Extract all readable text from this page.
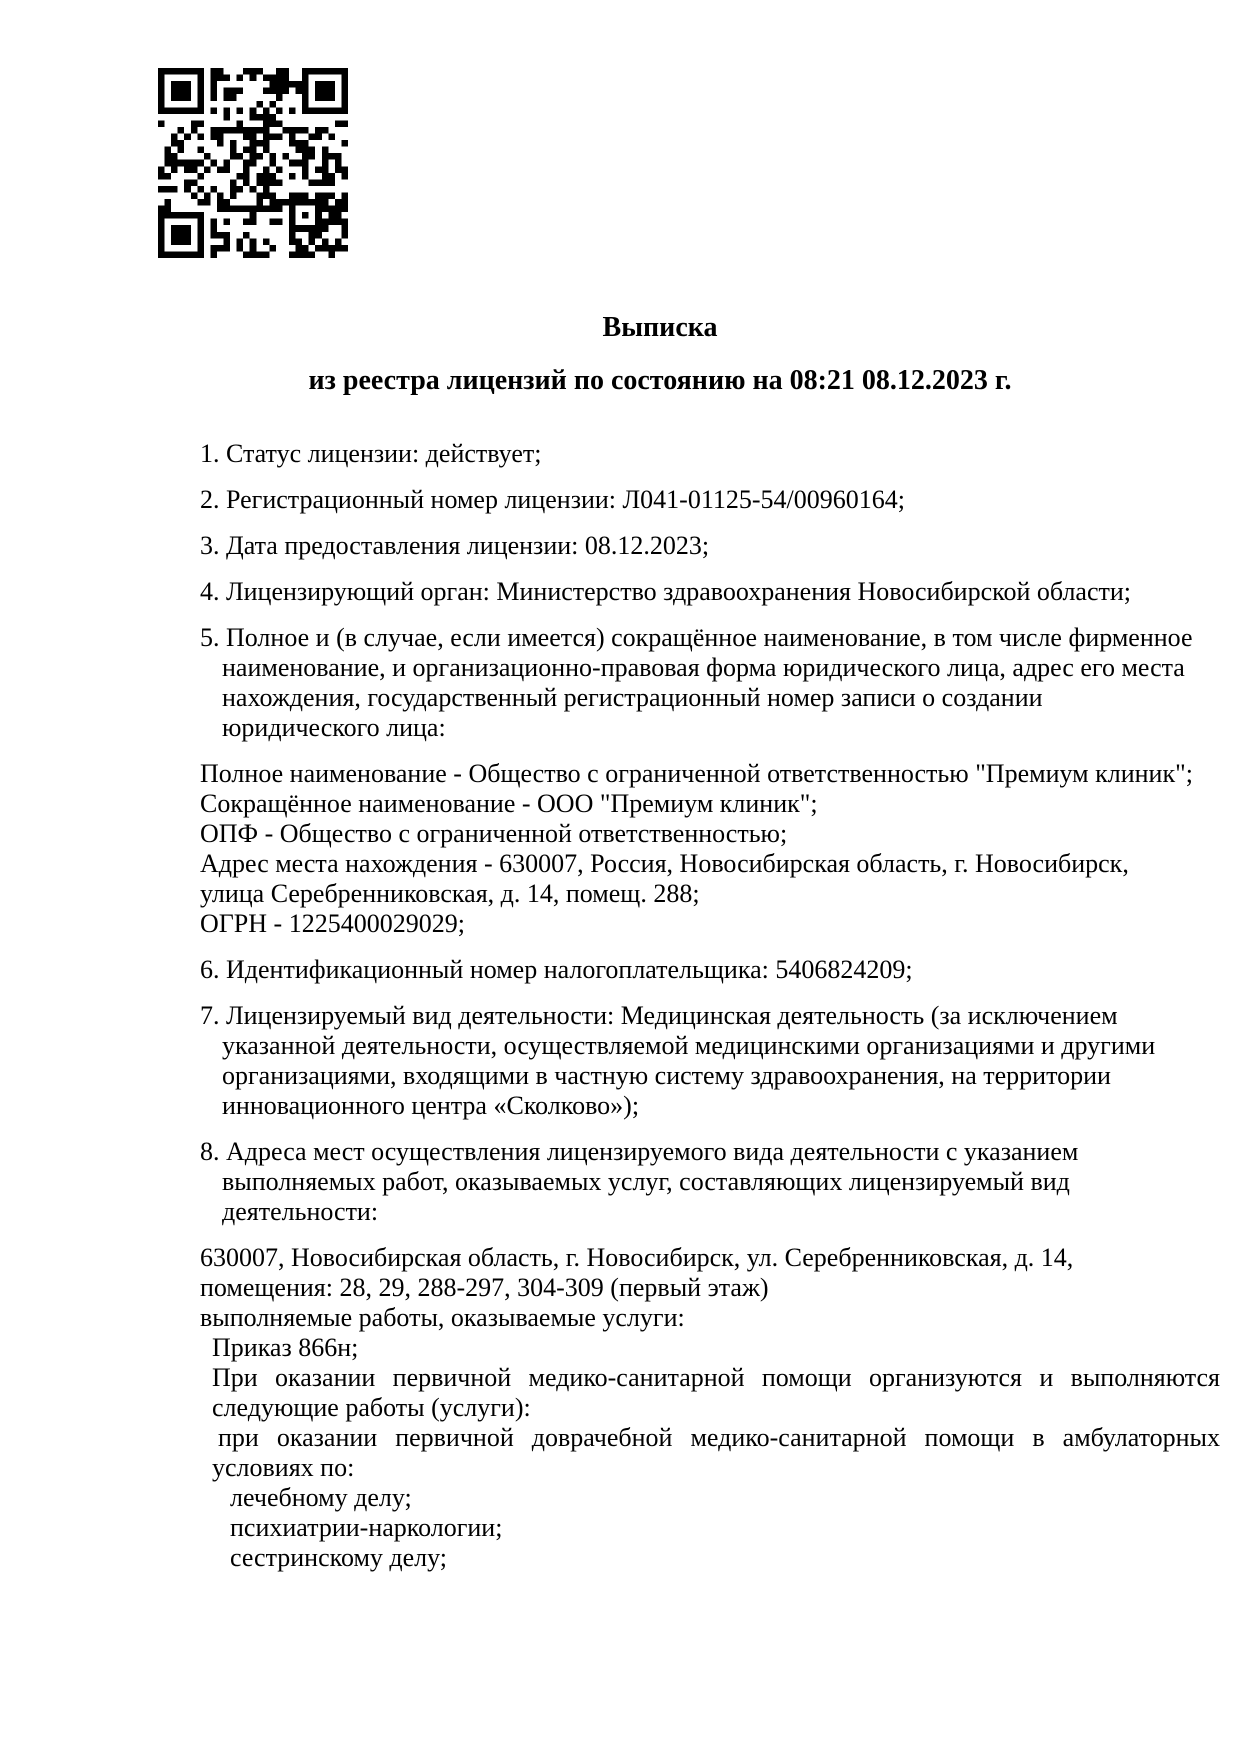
Выписка
из реестра лицензий по состоянию на 08:21 08.12.2023 г.
1. Статус лицензии: действует;
2. Регистрационный номер лицензии: Л041-01125-54/00960164;
3. Дата предоставления лицензии: 08.12.2023;
4. Лицензирующий орган: Министерство здравоохранения Новосибирской области;
5. Полное и (в случае, если имеется) сокращённое наименование, в том числе фирменное
наименование, и организационно-правовая форма юридического лица, адрес его места
нахождения, государственный регистрационный номер записи о создании
юридического лица:
Полное наименование - Общество с ограниченной ответственностью "Премиум клиник";
Сокращённое наименование - ООО "Премиум клиник";
ОПФ - Общество с ограниченной ответственностью;
Адрес места нахождения - 630007, Россия, Новосибирская область, г. Новосибирск,
улица Серебренниковская, д. 14, помещ. 288;
ОГРН - 1225400029029;
6. Идентификационный номер налогоплательщика: 5406824209;
7. Лицензируемый вид деятельности: Медицинская деятельность (за исключением
указанной деятельности, осуществляемой медицинскими организациями и другими
организациями, входящими в частную систему здравоохранения, на территории
инновационного центра «Сколково»);
8. Адреса мест осуществления лицензируемого вида деятельности с указанием
выполняемых работ, оказываемых услуг, составляющих лицензируемый вид
деятельности:
630007, Новосибирская область, г. Новосибирск, ул. Серебренниковская, д. 14,
помещения: 28, 29, 288-297, 304-309 (первый этаж)
выполняемые работы, оказываемые услуги:
Приказ 866н;
При оказании первичной медико-санитарной помощи организуются и выполняются
следующие работы (услуги):
при оказании первичной доврачебной медико-санитарной помощи в амбулаторных
условиях по:
лечебному делу;
психиатрии-наркологии;
сестринскому делу;
